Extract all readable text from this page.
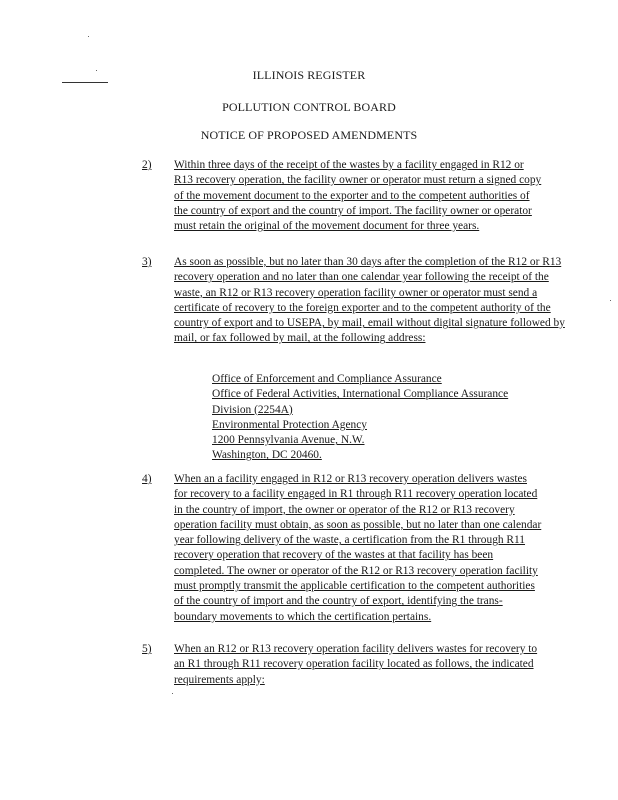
ILLINOIS REGISTER
POLLUTION CONTROL BOARD
NOTICE OF PROPOSED AMENDMENTS
2) Within three days of the receipt of the wastes by a facility engaged in R12 or R13 recovery operation, the facility owner or operator must return a signed copy of the movement document to the exporter and to the competent authorities of the country of export and the country of import. The facility owner or operator must retain the original of the movement document for three years.
3) As soon as possible, but no later than 30 days after the completion of the R12 or R13 recovery operation and no later than one calendar year following the receipt of the waste, an R12 or R13 recovery operation facility owner or operator must send a certificate of recovery to the foreign exporter and to the competent authority of the country of export and to USEPA, by mail, email without digital signature followed by mail, or fax followed by mail, at the following address:
Office of Enforcement and Compliance Assurance
Office of Federal Activities, International Compliance Assurance
Division (2254A)
Environmental Protection Agency
1200 Pennsylvania Avenue, N.W.
Washington, DC 20460.
4) When an a facility engaged in R12 or R13 recovery operation delivers wastes for recovery to a facility engaged in R1 through R11 recovery operation located in the country of import, the owner or operator of the R12 or R13 recovery operation facility must obtain, as soon as possible, but no later than one calendar year following delivery of the waste, a certification from the R1 through R11 recovery operation that recovery of the wastes at that facility has been completed. The owner or operator of the R12 or R13 recovery operation facility must promptly transmit the applicable certification to the competent authorities of the country of import and the country of export, identifying the trans-boundary movements to which the certification pertains.
5) When an R12 or R13 recovery operation facility delivers wastes for recovery to an R1 through R11 recovery operation facility located as follows, the indicated requirements apply:
